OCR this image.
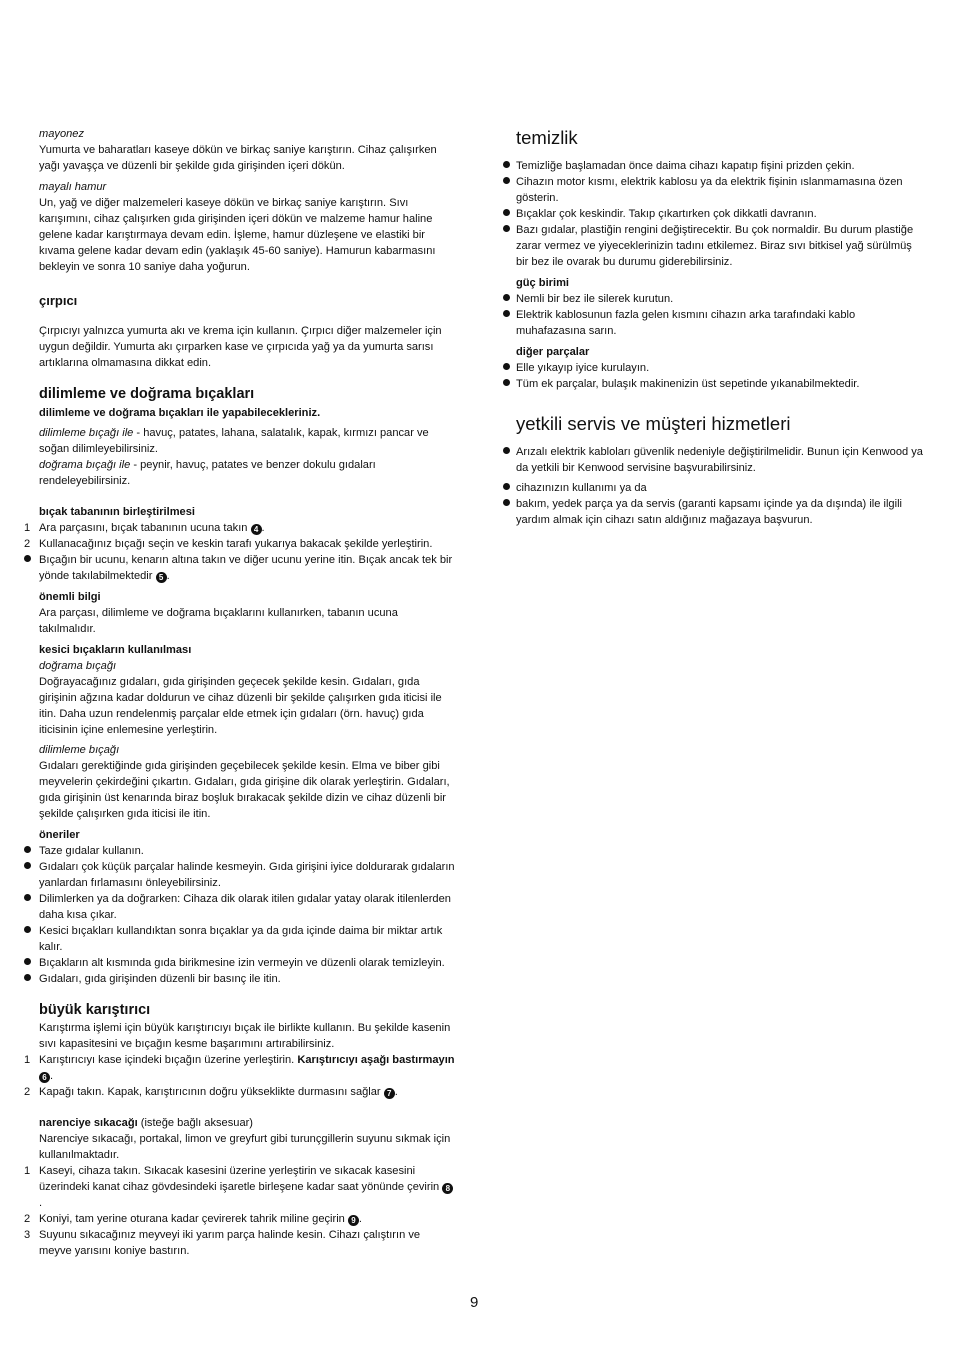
mayonez

Yumurta ve baharatları kaseye dökün ve birkaç saniye karıştırın. Cihaz çalışırken yağı yavaşça ve düzenli bir şekilde gıda girişinden içeri dökün.

mayalı hamur

Un, yağ ve diğer malzemeleri kaseye dökün ve birkaç saniye karıştırın. Sıvı karışımını, cihaz çalışırken gıda girişinden içeri dökün ve malzeme hamur haline gelene kadar karıştırmaya devam edin. İşleme, hamur düzleşene ve elastiki bir kıvama gelene kadar devam edin (yaklaşık 45-60 saniye). Hamurun kabarmasını bekleyin ve sonra 10 saniye daha yoğurun.

çırpıcı

Çırpıcıyı yalnızca yumurta akı ve krema için kullanın. Çırpıcı diğer malzemeler için uygun değildir. Yumurta akı çırparken kase ve çırpıcıda yağ ya da yumurta sarısı artıklarına olmamasına dikkat edin.

dilimleme ve doğrama bıçakları

dilimleme ve doğrama bıçakları ile yapabilecekleriniz.

dilimleme bıçağı ile - havuç, patates, lahana, salatalık, kapak, kırmızı pancar ve soğan dilimleyebilirsiniz.

doğrama bıçağı ile - peynir, havuç, patates ve benzer dokulu gıdaları rendeleyebilirsiniz.

bıçak tabanının birleştirilmesi

1 Ara parçasını, bıçak tabanının ucuna takın 4 .
2 Kullanacağınız bıçağı seçin ve keskin tarafı yukarıya bakacak şekilde yerleştirin.
Bıçağın bir ucunu, kenarın altına takın ve diğer ucunu yerine itin. Bıçak ancak tek bir yönde takılabilmektedir 5 .

önemli bilgi

Ara parçası, dilimleme ve doğrama bıçaklarını kullanırken, tabanın ucuna takılmalıdır.

kesici bıçakların kullanılması

doğrama bıçağı

Doğrayacağınız gıdaları, gıda girişinden geçecek şekilde kesin. Gıdaları, gıda girişinin ağzına kadar doldurun ve cihaz düzenli bir şekilde çalışırken gıda iticisi ile itin. Daha uzun rendelenmiş parçalar elde etmek için gıdaları (örn. havuç) gıda iticisinin içine enlemesine yerleştirin.

dilimleme bıçağı

Gıdaları gerektiğinde gıda girişinden geçebilecek şekilde kesin. Elma ve biber gibi meyvelerin çekirdeğini çıkartın. Gıdaları, gıda girişine dik olarak yerleştirin. Gıdaları, gıda girişinin üst kenarında biraz boşluk bırakacak şekilde dizin ve cihaz düzenli bir şekilde çalışırken gıda iticisi ile itin.

öneriler

Taze gıdalar kullanın.
Gıdaları çok küçük parçalar halinde kesmeyin. Gıda girişini iyice doldurarak gıdaların yanlardan fırlamasını önleyebilirsiniz.
Dilimlerken ya da doğrarken: Cihaza dik olarak itilen gıdalar yatay olarak itilenlerden daha kısa çıkar.
Kesici bıçakları kullandıktan sonra bıçaklar ya da gıda içinde daima bir miktar artık kalır.
Bıçakların alt kısmında gıda birikmesine izin vermeyin ve düzenli olarak temizleyin.
Gıdaları, gıda girişinden düzenli bir basınç ile itin.

büyük karıştırıcı

Karıştırma işlemi için büyük karıştırıcıyı bıçak ile birlikte kullanın. Bu şekilde kasenin sıvı kapasitesini ve bıçağın kesme başarımını artırabilirsiniz.

1 Karıştırıcıyı kase içindeki bıçağın üzerine yerleştirin. Karıştırıcıyı aşağı bastırmayın 6 .
2 Kapağı takın. Kapak, karıştırıcının doğru yükseklikte durmasını sağlar 7 .

narenciye sıkacağı (isteğe bağlı aksesuar)

Narenciye sıkacağı, portakal, limon ve greyfurt gibi turunçgillerin suyunu sıkmak için kullanılmaktadır.

1 Kaseyi, cihaza takın. Sıkacak kasesini üzerine yerleştirin ve sıkacak kasesini üzerindeki kanat cihaz gövdesindeki işaretle birleşene kadar saat yönünde çevirin 8.
2 Koniyi, tam yerine oturana kadar çevirerek tahrik miline geçirin 9 .
3 Suyunu sıkacağınız meyveyi iki yarım parça halinde kesin. Cihazı çalıştırın ve meyve yarısını koniye bastırın.

temizlik

Temizliğe başlamadan önce daima cihazı kapatıp fişini prizden çekin.
Cihazın motor kısmı, elektrik kablosu ya da elektrik fişinin ıslanmamasına özen gösterin.
Bıçaklar çok keskindir. Takıp çıkartırken çok dikkatli davranın.
Bazı gıdalar, plastiğin rengini değiştirecektir. Bu çok normaldir. Bu durum plastiğe zarar vermez ve yiyeceklerinizin tadını etkilemez. Biraz sıvı bitkisel yağ sürülmüş bir bez ile ovarak bu durumu giderebilirsiniz.

güç birimi

Nemli bir bez ile silerek kurutun.
Elektrik kablosunun fazla gelen kısmını cihazın arka tarafındaki kablo muhafazasına sarın.

diğer parçalar

Elle yıkayıp iyice kurulayın.
Tüm ek parçalar, bulaşık makinenizin üst sepetinde yıkanabilmektedir.

yetkili servis ve müşteri hizmetleri

Arızalı elektrik kabloları güvenlik nedeniyle değiştirilmelidir. Bunun için Kenwood ya da yetkili bir Kenwood servisine başvurabilirsiniz.
cihazınızın kullanımı ya da
bakım, yedek parça ya da servis (garanti kapsamı içinde ya da dışında) ile ilgili yardım almak için cihazı satın aldığınız mağazaya başvurun.
9
